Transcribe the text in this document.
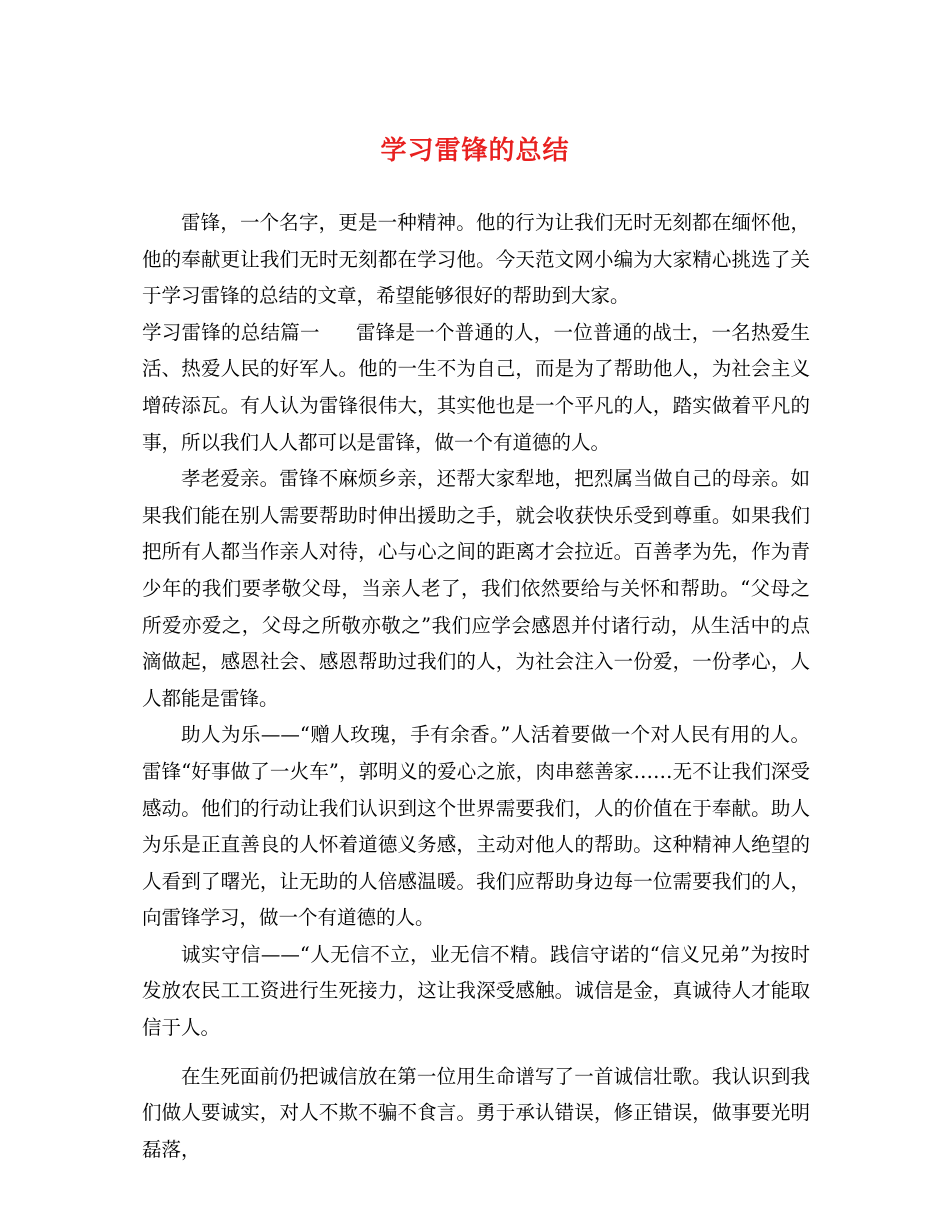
学习雷锋的总结

雷锋，一个名字，更是一种精神。他的行为让我们无时无刻都在缅怀他，他的奉献更让我们无时无刻都在学习他。今天范文网小编为大家精心挑选了关于学习雷锋的总结的文章，希望能够很好的帮助到大家。

学习雷锋的总结篇一 雷锋是一个普通的人，一位普通的战士，一名热爱生活、热爱人民的好军人。他的一生不为自己，而是为了帮助他人，为社会主义增砖添瓦。有人认为雷锋很伟大，其实他也是一个平凡的人，踏实做着平凡的事，所以我们人人都可以是雷锋，做一个有道德的人。

孝老爱亲。雷锋不麻烦乡亲，还帮大家犁地，把烈属当做自己的母亲。如果我们能在别人需要帮助时伸出援助之手，就会收获快乐受到尊重。如果我们把所有人都当作亲人对待，心与心之间的距离才会拉近。百善孝为先，作为青少年的我们要孝敬父母，当亲人老了，我们依然要给与关怀和帮助。“父母之所爱亦爱之，父母之所敬亦敬之”我们应学会感恩并付诸行动，从生活中的点滴做起，感恩社会、感恩帮助过我们的人，为社会注入一份爱，一份孝心，人人都能是雷锋。

助人为乐——“赠人玫瑰，手有余香。”人活着要做一个对人民有用的人。雷锋“好事做了一火车”，郭明义的爱心之旅，肉串慈善家……无不让我们深受感动。他们的行动让我们认识到这个世界需要我们，人的价值在于奉献。助人为乐是正直善良的人怀着道德义务感，主动对他人的帮助。这种精神人绝望的人看到了曙光，让无助的人倍感温暖。我们应帮助身边每一位需要我们的人，向雷锋学习，做一个有道德的人。

诚实守信——“人无信不立，业无信不精。践信守诺的“信义兄弟”为按时发放农民工工资进行生死接力，这让我深受感触。诚信是金，真诚待人才能取信于人。

在生死面前仍把诚信放在第一位用生命谱写了一首诚信壮歌。我认识到我们做人要诚实，对人不欺不骗不食言。勇于承认错误，修正错误，做事要光明磊落，
